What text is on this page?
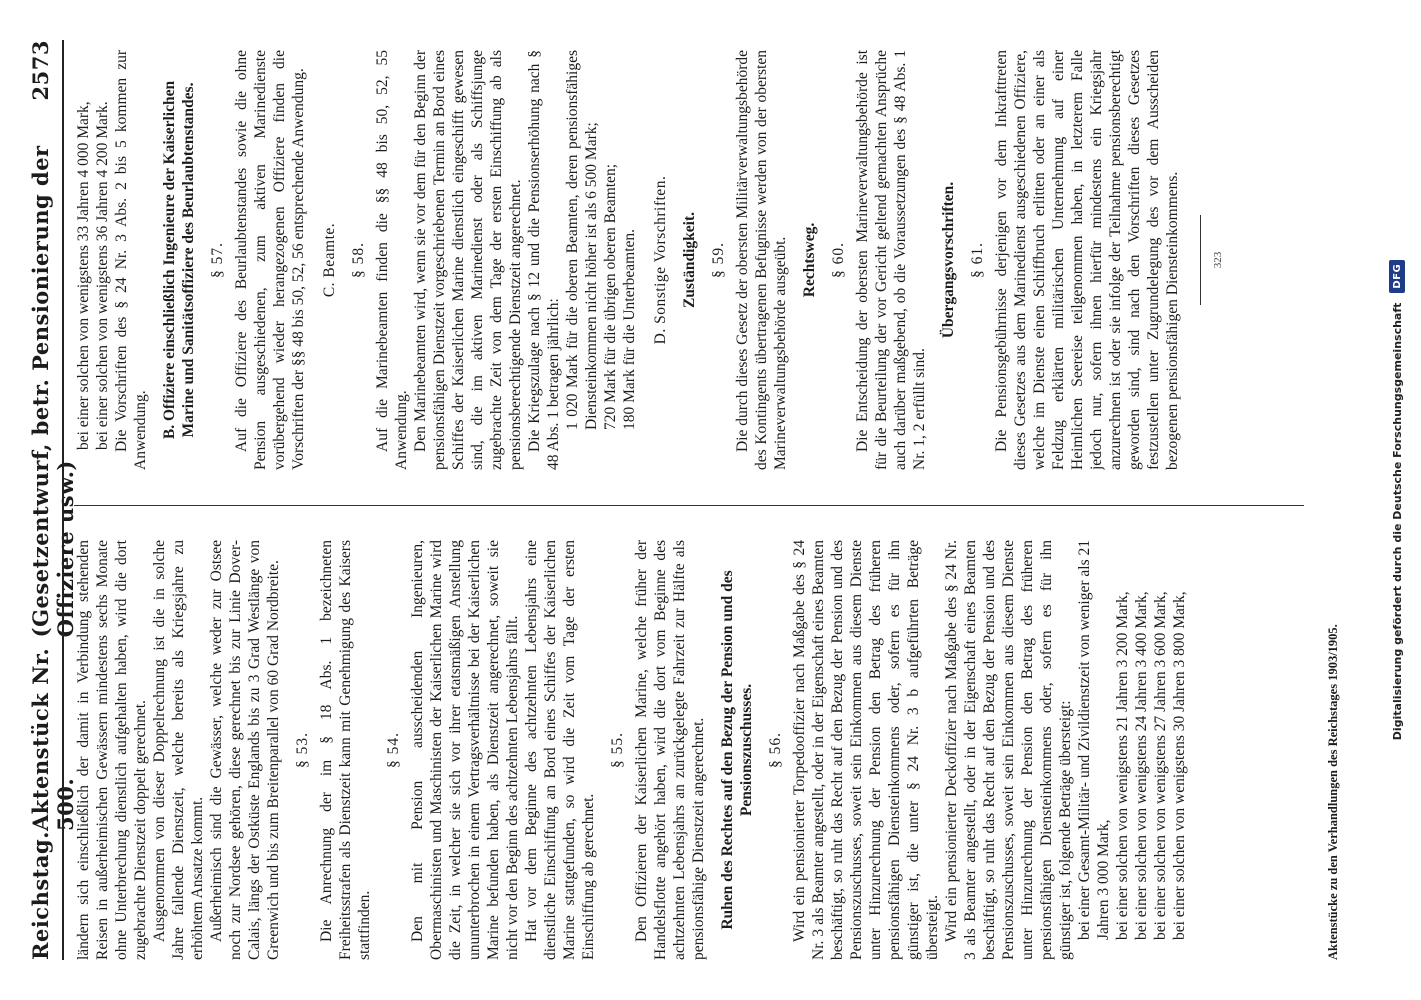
Reichstag.
Aktenstück Nr. 500.
(Gesetzentwurf, betr. Pensionierung der Offiziere usw.)
2573

ländern sich einschließlich der damit in Verbindung stehenden Reisen in außerheimischen Gewässern mindestens sechs Monate ohne Unterbrechung dienstlich aufgehalten haben, wird die dort zugebrachte Dienstzeit doppelt gerechnet. Ausgenommen von dieser Doppelrechnung ist die in solche Jahre fallende Dienstzeit, welche bereits als Kriegsjahre zu erhöhtem Ansatze kommt. Außerheimisch sind die Gewässer, welche weder zur Ostsee noch zur Nordsee gehören, diese gerechnet bis zur Linie Dover-Calais, längs der Ostküste Englands bis zu 3 Grad Westlänge von Greenwich und bis zum Breitenparallel von 60 Grad Nordbreite. § 53. Die Anrechnung der im § 18 Abs. 1 bezeichneten Freiheitsstrafen als Dienstzeit kann mit Genehmigung des Kaisers stattfinden.

§ 54. Den mit Pension ausscheidenden Ingenieuren, Obermaschinisten und Maschinisten der Kaiserlichen Marine wird die Zeit, in welcher sie sich vor ihrer etatsmäßigen Anstellung ununterbrochen in einem Vertragsverhältnisse bei der Kaiserlichen Marine befunden haben, als Dienstzeit angerechnet, soweit sie nicht vor den Beginn des achtzehnten Lebensjahrs fällt. Hat vor dem Beginne des achtzehnten Lebensjahrs eine dienstliche Einschiffung an Bord eines Schiffes der Kaiserlichen Marine stattgefunden, so wird die Zeit vom Tage der ersten Einschiffung ab gerechnet.

§ 55. Den Offizieren der Kaiserlichen Marine, welche früher der Handelsflotte angehört haben, wird die dort vom Beginne des achtzehnten Lebensjahrs an zurückgelegte Fahrzeit zur Hälfte als pensionsfähige Dienstzeit angerechnet. Ruhen des Rechtes auf den Bezug der Pension und des Pensionszuschusses. § 56. Wird ein pensionierter Torpedooffizier nach Maßgabe des § 24 Nr. 3 als Beamter angestellt, oder in der Eigenschaft eines Beamten beschäftigt, so ruht das Recht auf den Bezug der Pension und des Pensionszuschusses, soweit sein Einkommen aus diesem Dienste unter Hinzurechnung der Pension den Betrag des früheren pensionsfähigen Diensteinkommens oder, sofern es für ihn günstiger ist, die unter § 24 Nr. 3 b aufgeführten Beträge übersteigt. Wird ein pensionierter Deckoffizier nach Maßgabe des § 24 Nr. 3 als Beamter angestellt, oder in der Eigenschaft eines Beamten beschäftigt, so ruht das Recht auf den Bezug der Pension und des Pensionszuschusses, soweit sein Einkommen aus diesem Dienste unter Hinzurechnung der Pension den Betrag des früheren pensionsfähigen Diensteinkommens oder, sofern es für ihn günstiger ist, folgende Beträge übersteigt: bei einer Gesamt-Militär- und Zivildienstzeit von weniger als 21 Jahren 3 000 Mark, bei einer solchen von wenigstens 21 Jahren 3 200 Mark, bei einer solchen von wenigstens 24 Jahren 3 400 Mark, bei einer solchen von wenigstens 27 Jahren 3 600 Mark, bei einer solchen von wenigstens 30 Jahren 3 800 Mark,

bei einer solchen von wenigstens 33 Jahren 4 000 Mark, bei einer solchen von wenigstens 36 Jahren 4 200 Mark. Die Vorschriften des § 24 Nr. 3 Abs. 2 bis 5 kommen zur Anwendung. B. Offiziere einschließlich Ingenieure der Kaiserlichen Marine und Sanitätsoffiziere des Beurlaubtenstandes. § 57. Auf die Offiziere des Beurlaubtenstandes sowie die ohne Pension ausgeschiedenen, zum aktiven Marinedienste vorübergehend wieder herangezogenen Offiziere finden die Vorschriften der §§ 48 bis 50, 52, 56 entsprechende Anwendung. C. Beamte. § 58. Auf die Marinebeamten finden die §§ 48 bis 50, 52, 55 Anwendung. Den Marinebeamten wird, wenn sie vor dem für den Beginn der pensionsfähigen Dienstzeit vorgeschriebenen Termin an Bord eines Schiffes der Kaiserlichen Marine dienstlich eingeschifft gewesen sind, die im aktiven Marinedienst oder als Schiffsjunge zugebrachte Zeit von dem Tage der ersten Einschiffung ab als pensionsberechtigende Dienstzeit angerechnet. Die Kriegszulage nach § 12 und die Pensionserhöhung nach § 48 Abs. 1 betragen jährlich: 1 020 Mark für die oberen Beamten, deren pensionsfähiges Diensteinkommen nicht höher ist als 6 500 Mark; 720 Mark für die übrigen oberen Beamten; 180 Mark für die Unterbeamten. D. Sonstige Vorschriften. Zuständigkeit. § 59. Die durch dieses Gesetz der obersten Militärverwaltungsbehörde des Kontingents übertragenen Befugnisse werden von der obersten Marineverwaltungsbehörde ausgeübt. Rechtsweg. § 60. Die Entscheidung der obersten Marineverwaltungsbehörde ist für die Beurteilung der vor Gericht geltend gemachten Ansprüche auch darüber maßgebend, ob die Voraussetzungen des § 48 Abs. 1 Nr. 1, 2 erfüllt sind.

Übergangsvorschriften. § 61. Die Pensionsgebührnisse derjenigen vor dem Inkrafttreten dieses Gesetzes aus dem Marinedienst ausgeschiedenen Offiziere, welche im Dienste einen Schiffbruch erlitten oder an einer als Feldzug erklärten militärischen Unternehmung auf einer Heimlichen Seereise teilgenommen haben, in letzterem Falle jedoch nur, sofern ihnen hierfür mindestens ein Kriegsjahr anzurechnen ist oder sie infolge der Teilnahme pensionsberechtigt geworden sind, sind nach den Vorschriften dieses Gesetzes festzustellen unter Zugrundelegung des vor dem Ausscheiden bezogenen pensionsfähigen Diensteinkommens.	323
Aktenstücke zu den Verhandlungen des Reichstages 1903/1905.
Digitalisierung gefördert durch die Deutsche Forschungsgemeinschaft
DFG
